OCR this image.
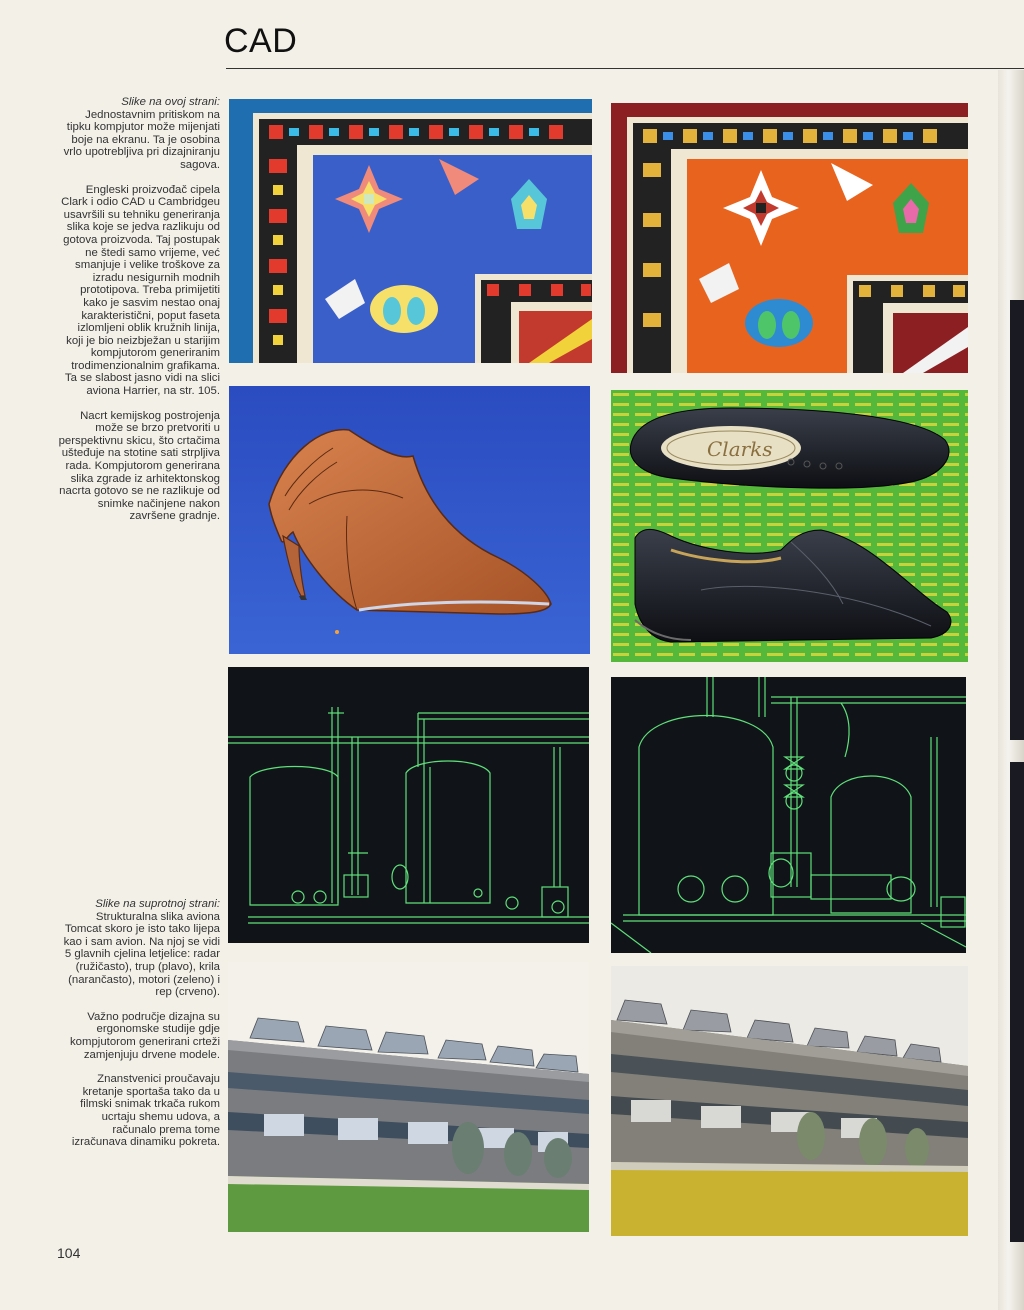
CAD

Slike na ovoj strani:
Jednostavnim pritiskom na tipku kompjutor može mijenjati boje na ekranu. Ta je osobina vrlo upotrebljiva pri dizajniranju sagova.

Engleski proizvođač cipela Clark i odio CAD u Cambridgeu usavršili su tehniku generiranja slika koje se jedva razlikuju od gotova proizvoda. Taj postupak ne štedi samo vrijeme, već smanjuje i velike troškove za izradu nesigurnih modnih prototipova. Treba primijetiti kako je sasvim nestao onaj karakteristični, poput faseta izlomljeni oblik kružnih linija, koji je bio neizbježan u starijim kompjutorom generiranim trodimenzionalnim grafikama. Ta se slabost jasno vidi na slici aviona Harrier, na str. 105.

Nacrt kemijskog postrojenja može se brzo pretvoriti u perspektivnu skicu, što crtačima ušteđuje na stotine sati strpljiva rada. Kompjutorom generirana slika zgrade iz arhitektonskog nacrta gotovo se ne razlikuje od snimke načinjene nakon završene gradnje.

Slike na suprotnoj strani:
Strukturalna slika aviona Tomcat skoro je isto tako lijepa kao i sam avion. Na njoj se vidi 5 glavnih cjelina letjelice: radar (ružičasto), trup (plavo), krila (narančasto), motori (zeleno) i rep (crveno).

Važno područje dizajna su ergonomske studije gdje kompjutorom generirani crteži zamjenjuju drvene modele.

Znanstvenici proučavaju kretanje sportaša tako da u filmski snimak trkača rukom ucrtaju shemu udova, a računalo prema tome izračunava dinamiku pokreta.

104
Clarks
